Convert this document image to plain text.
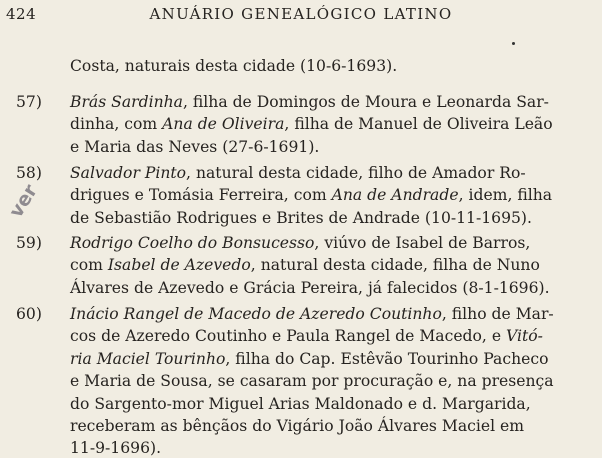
424	ANUÁRIO GENEALÓGICO LATINO
Costa, naturais desta cidade (10-6-1693).
57) Brás Sardinha, filha de Domingos de Moura e Leonarda Sar-
dinha, com Ana de Oliveira, filha de Manuel de Oliveira Leão
e Maria das Neves (27-6-1691).
58) Salvador Pinto, natural desta cidade, filho de Amador Ro-
drigues e Tomásia Ferreira, com Ana de Andrade, idem, filha
de Sebastião Rodrigues e Brites de Andrade (10-11-1695).
59) Rodrigo Coelho do Bonsucesso, viúvo de Isabel de Barros,
com Isabel de Azevedo, natural desta cidade, filha de Nuno
Álvares de Azevedo e Grácia Pereira, já falecidos (8-1-1696).
60) Inácio Rangel de Macedo de Azeredo Coutinho, filho de Mar-
cos de Azeredo Coutinho e Paula Rangel de Macedo, e Vitó-
ria Maciel Tourinho, filha do Cap. Estêvão Tourinho Pacheco
e Maria de Sousa, se casaram por procuração e, na presença
do Sargento-mor Miguel Arias Maldonado e d. Margarida,
receberam as bênçãos do Vigário João Álvares Maciel em
11-9-1696).
ver
